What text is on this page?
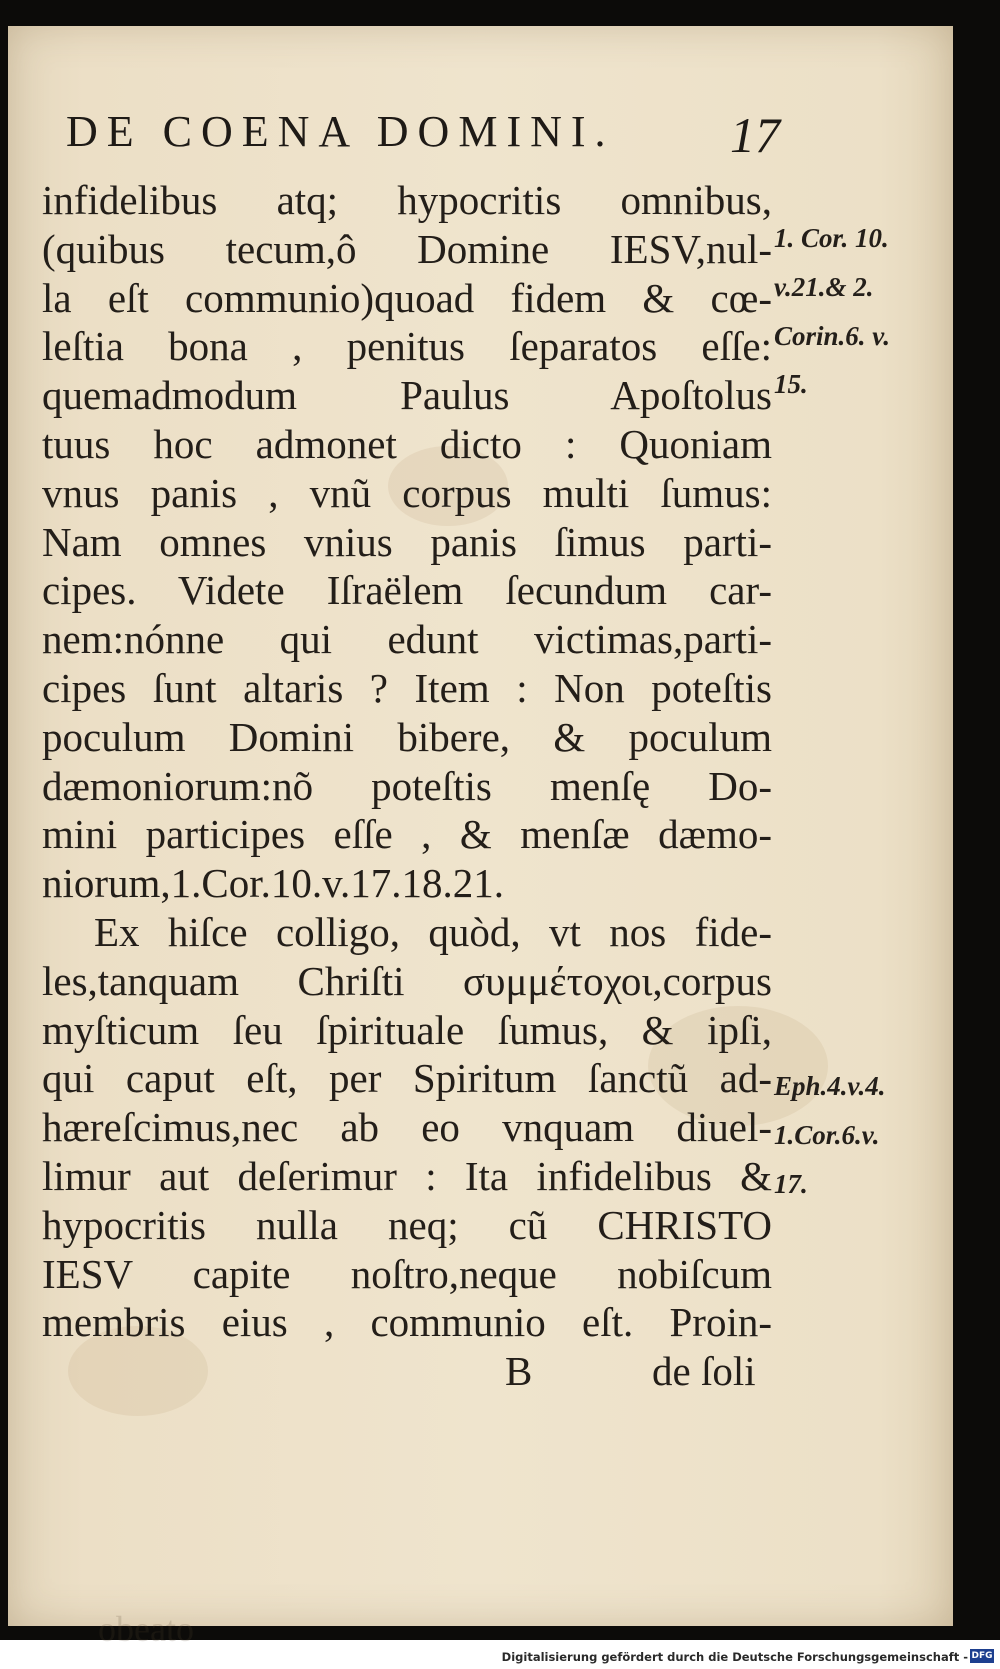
DE COENA DOMINI. 17
infidelibus atq; hypocritis omnibus,
(quibus tecum,ô Domine IESV,nul-
la eſt communio)quoad fidem & cœ-
leſtia bona , penitus ſeparatos eſſe:
quemadmodum Paulus Apoſtolus
tuus hoc admonet dicto : Quoniam
vnus panis , vnũ corpus multi ſumus:
Nam omnes vnius panis ſimus parti-
cipes. Videte Iſraëlem ſecundum car-
nem:nónne qui edunt victimas,parti-
cipes ſunt altaris ? Item : Non poteſtis
poculum Domini bibere, & poculum
dæmoniorum:nõ poteſtis menſę Do-
mini participes eſſe , & menſæ dæmo-
niorum,1.Cor.10.v.17.18.21.
Ex hiſce colligo, quòd, vt nos fide-
les,tanquam Chriſti συμμέτοχοι,corpus
myſticum ſeu ſpirituale ſumus, & ipſi,
qui caput eſt, per Spiritum ſanctũ ad-
hæreſcimus,nec ab eo vnquam diuel-
limur aut deſerimur : Ita infidelibus &
hypocritis nulla neq; cũ CHRISTO
IESV capite noſtro,neque nobiſcum
membris eius , communio eſt. Proin-
B	de ſoli
1. Cor. 10.
v.21.& 2.
Corin.6. v.
15.
Eph.4.v.4.
1.Cor.6.v.
17.
obeato
Digitalisierung gefördert durch die Deutsche Forschungsgemeinschaft - DFG
